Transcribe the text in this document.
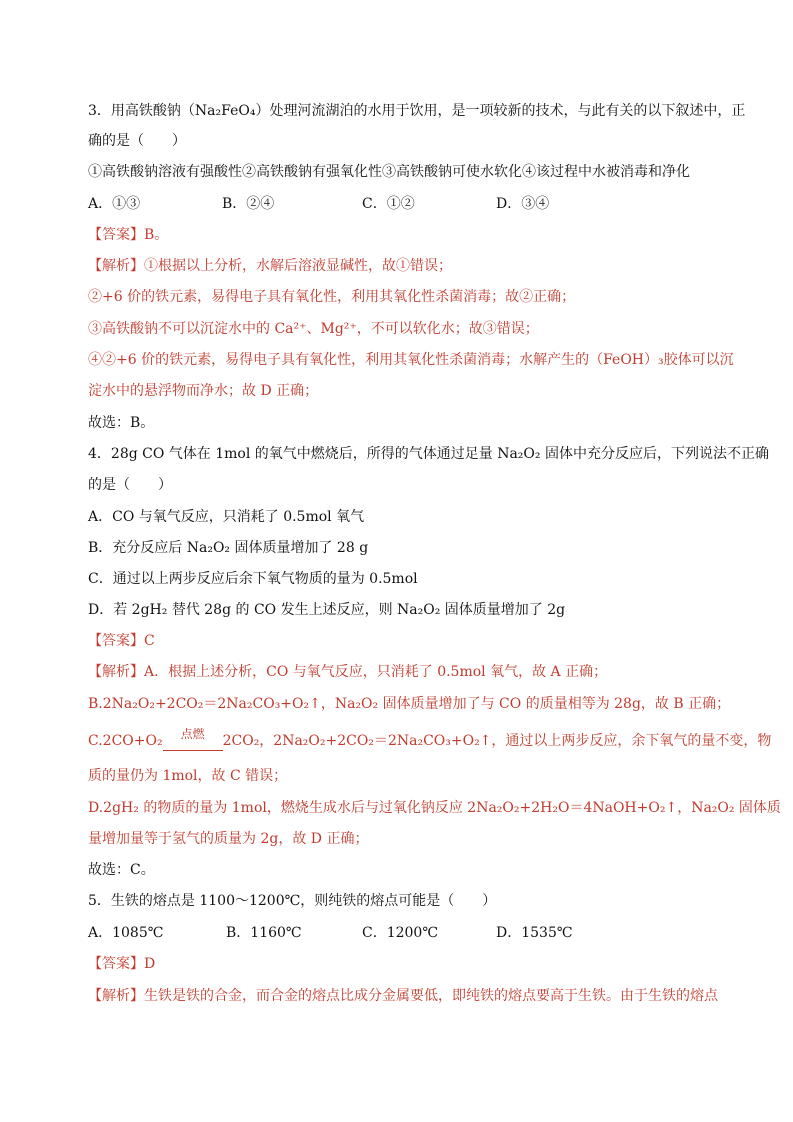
3．用高铁酸钠（Na₂FeO₄）处理河流湖泊的水用于饮用，是一项较新的技术，与此有关的以下叙述中，正
确的是（　　）
①高铁酸钠溶液有强酸性②高铁酸钠有强氧化性③高铁酸钠可使水软化④该过程中水被消毒和净化
A．①③	B．②④	C．①②	D．③④
【答案】B。
【解析】①根据以上分析，水解后溶液显碱性，故①错误；
②+6 价的铁元素，易得电子具有氧化性，利用其氧化性杀菌消毒；故②正确；
③高铁酸钠不可以沉淀水中的 Ca²⁺、Mg²⁺，不可以软化水；故③错误；
④②+6 价的铁元素，易得电子具有氧化性，利用其氧化性杀菌消毒；水解产生的（FeOH）₃胶体可以沉
淀水中的悬浮物而净水；故 D 正确；
故选：B。
4．28g CO 气体在 1mol 的氧气中燃烧后，所得的气体通过足量 Na₂O₂ 固体中充分反应后，下列说法不正确
的是（　　）
A．CO 与氧气反应，只消耗了 0.5mol 氧气
B．充分反应后 Na₂O₂ 固体质量增加了 28 g
C．通过以上两步反应后余下氧气物质的量为 0.5mol
D．若 2gH₂ 替代 28g 的 CO 发生上述反应，则 Na₂O₂ 固体质量增加了 2g
【答案】C
【解析】A．根据上述分析，CO 与氧气反应，只消耗了 0.5mol 氧气，故 A 正确；
B.2Na₂O₂+2CO₂＝2Na₂CO₃+O₂↑，Na₂O₂ 固体质量增加了与 CO 的质量相等为 28g，故 B 正确；
C.2CO+O₂	点燃	2CO₂，2Na₂O₂+2CO₂＝2Na₂CO₃+O₂↑，通过以上两步反应，余下氧气的量不变，物
质的量仍为 1mol，故 C 错误；
D.2gH₂ 的物质的量为 1mol，燃烧生成水后与过氧化钠反应 2Na₂O₂+2H₂O＝4NaOH+O₂↑，Na₂O₂ 固体质
量增加量等于氢气的质量为 2g，故 D 正确；
故选：C。
5．生铁的熔点是 1100～1200℃，则纯铁的熔点可能是（　　）
A．1085℃	B．1160℃	C．1200℃	D．1535℃
【答案】D
【解析】生铁是铁的合金，而合金的熔点比成分金属要低，即纯铁的熔点要高于生铁。由于生铁的熔点
